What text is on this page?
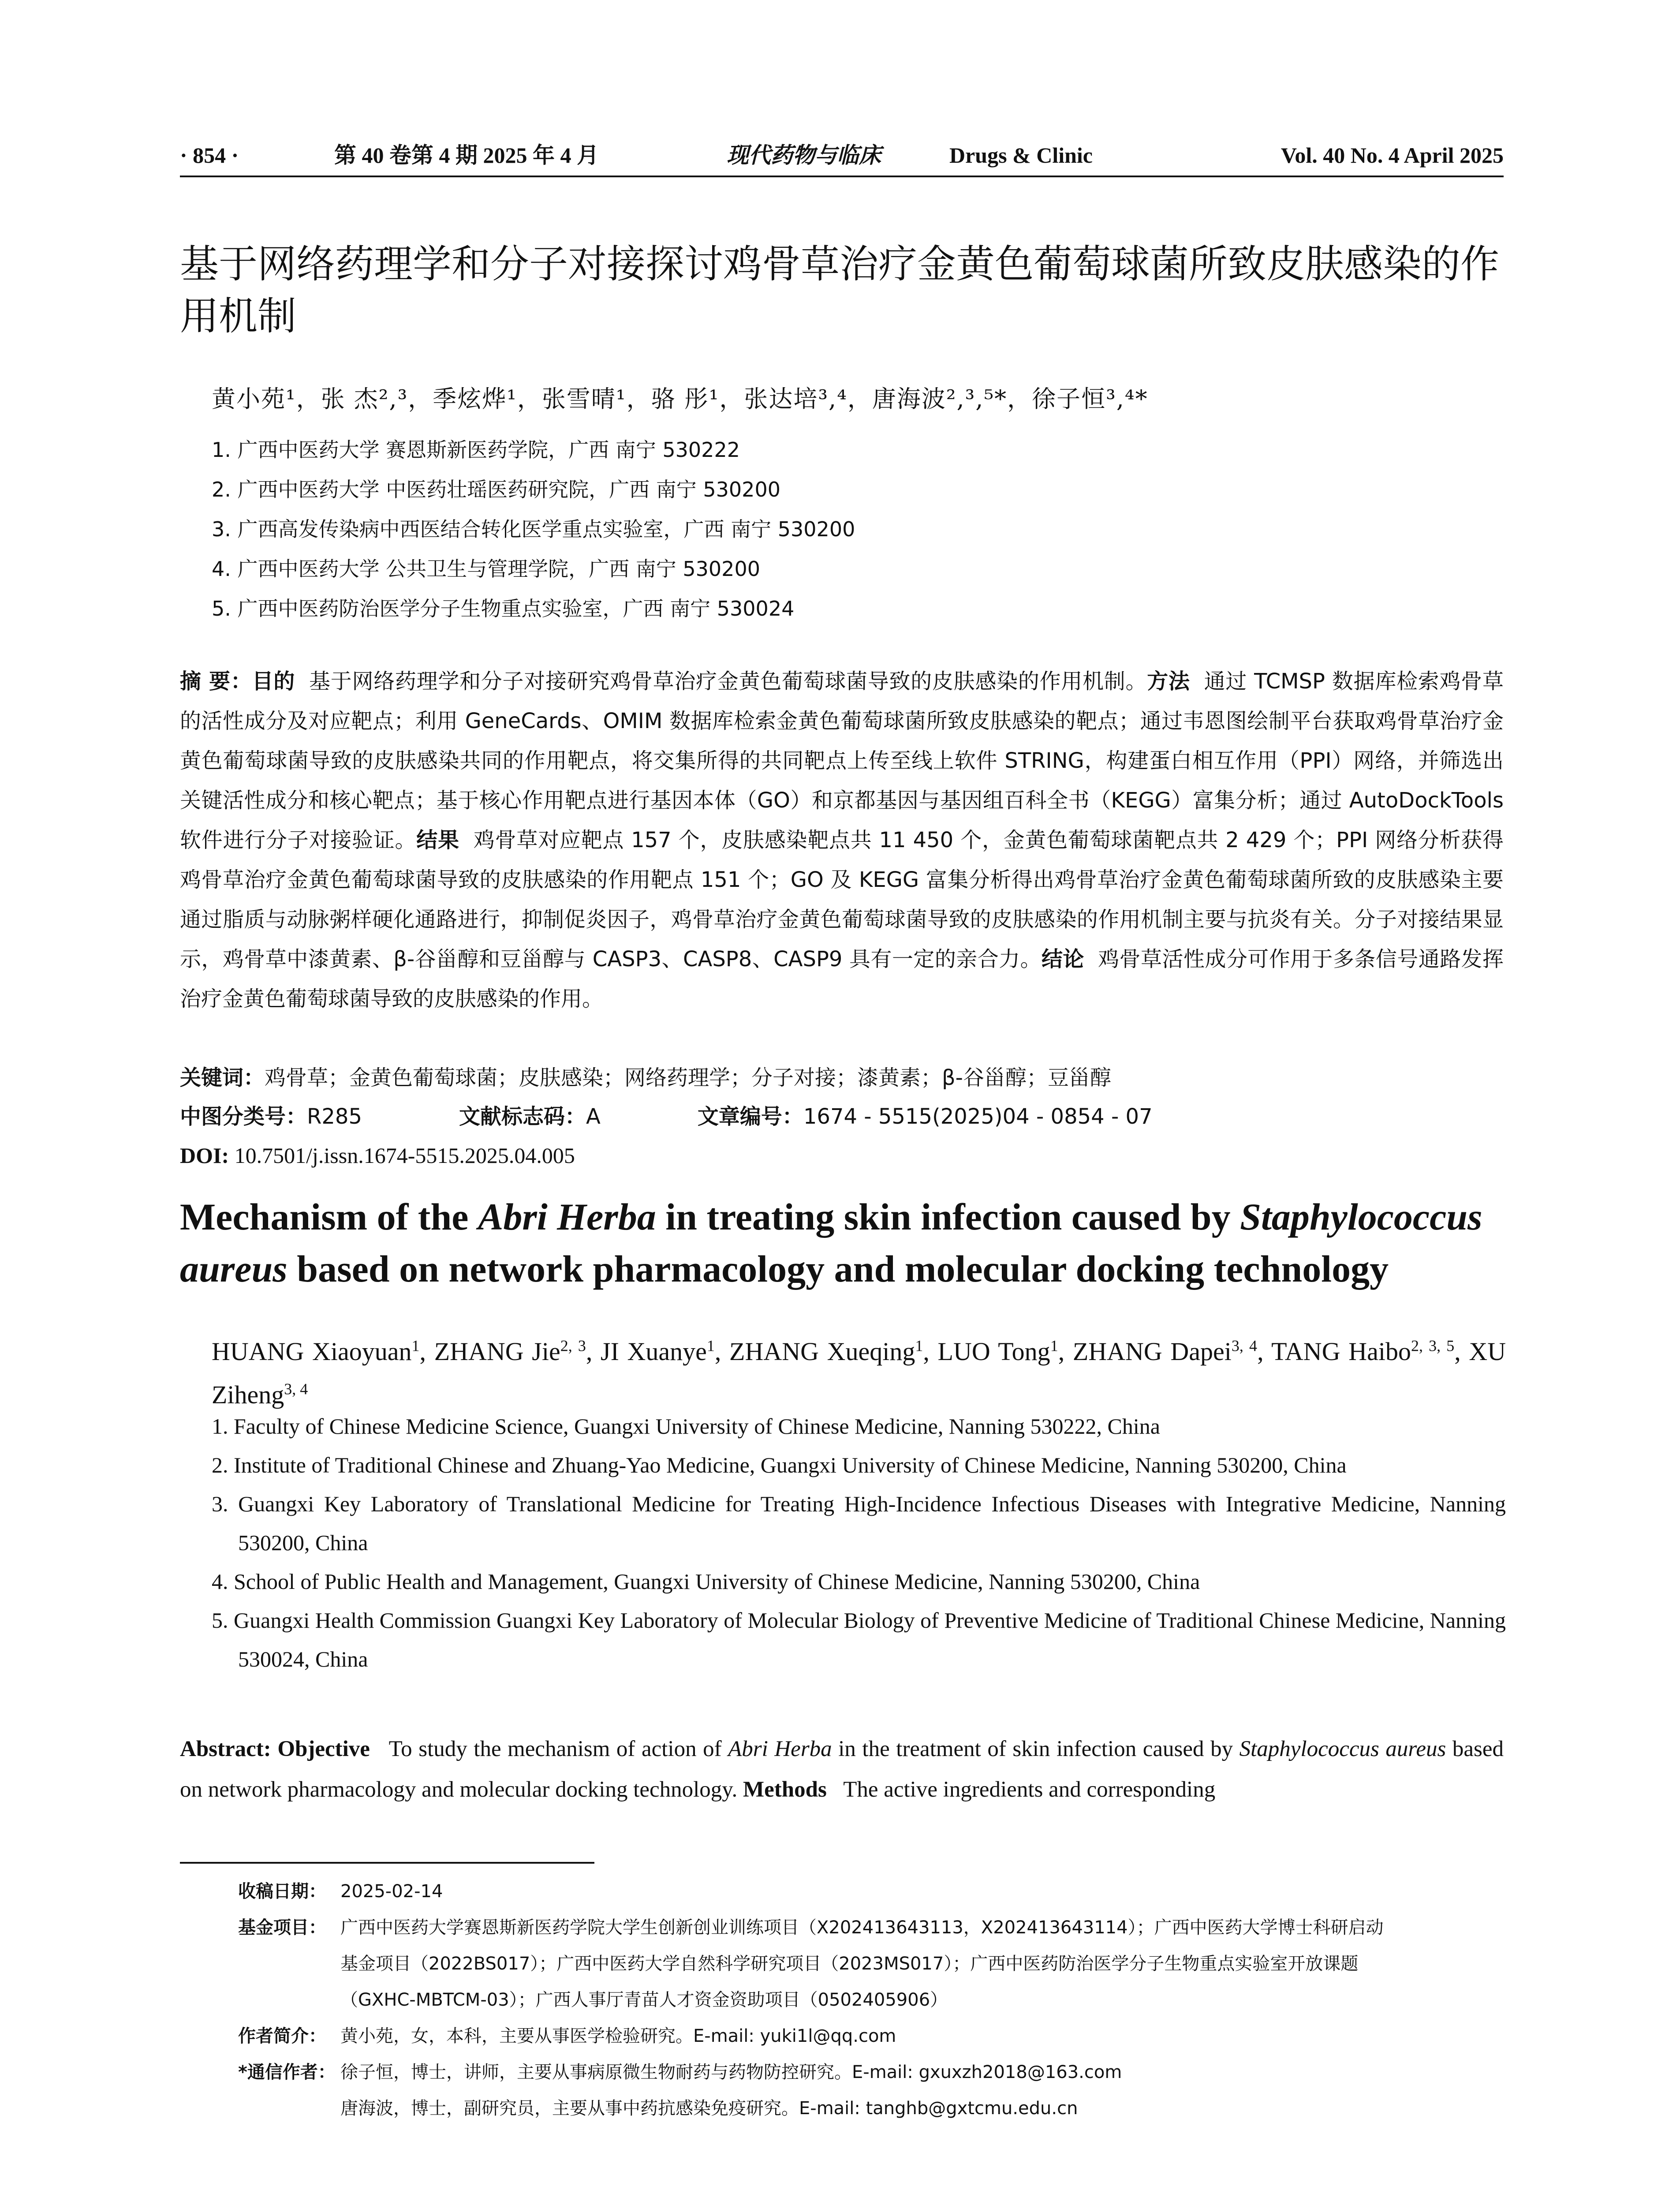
· 854 ·	第 40 卷第 4 期 2025 年 4 月	现代药物与临床	Drugs & Clinic	Vol. 40 No. 4 April 2025
基于网络药理学和分子对接探讨鸡骨草治疗金黄色葡萄球菌所致皮肤感染的作用机制
黄小苑¹，张 杰²,³，季炫烨¹，张雪晴¹，骆 彤¹，张达培³,⁴，唐海波²,³,⁵*，徐子恒³,⁴*
1. 广西中医药大学 赛恩斯新医药学院，广西 南宁 530222
2. 广西中医药大学 中医药壮瑶医药研究院，广西 南宁 530200
3. 广西高发传染病中西医结合转化医学重点实验室，广西 南宁 530200
4. 广西中医药大学 公共卫生与管理学院，广西 南宁 530200
5. 广西中医药防治医学分子生物重点实验室，广西 南宁 530024
摘 要：目的 基于网络药理学和分子对接研究鸡骨草治疗金黄色葡萄球菌导致的皮肤感染的作用机制。方法 通过 TCMSP 数据库检索鸡骨草的活性成分及对应靶点；利用 GeneCards、OMIM 数据库检索金黄色葡萄球菌所致皮肤感染的靶点；通过韦恩图绘制平台获取鸡骨草治疗金黄色葡萄球菌导致的皮肤感染共同的作用靶点，将交集所得的共同靶点上传至线上软件 STRING，构建蛋白相互作用（PPI）网络，并筛选出关键活性成分和核心靶点；基于核心作用靶点进行基因本体（GO）和京都基因与基因组百科全书（KEGG）富集分析；通过 AutoDockTools 软件进行分子对接验证。结果 鸡骨草对应靶点 157 个，皮肤感染靶点共 11 450 个，金黄色葡萄球菌靶点共 2 429 个；PPI 网络分析获得鸡骨草治疗金黄色葡萄球菌导致的皮肤感染的作用靶点 151 个；GO 及 KEGG 富集分析得出鸡骨草治疗金黄色葡萄球菌所致的皮肤感染主要通过脂质与动脉粥样硬化通路进行，抑制促炎因子，鸡骨草治疗金黄色葡萄球菌导致的皮肤感染的作用机制主要与抗炎有关。分子对接结果显示，鸡骨草中漆黄素、β-谷甾醇和豆甾醇与 CASP3、CASP8、CASP9 具有一定的亲合力。结论 鸡骨草活性成分可作用于多条信号通路发挥治疗金黄色葡萄球菌导致的皮肤感染的作用。
关键词：鸡骨草；金黄色葡萄球菌；皮肤感染；网络药理学；分子对接；漆黄素；β-谷甾醇；豆甾醇
中图分类号：R285	文献标志码：A	文章编号：1674 - 5515(2025)04 - 0854 - 07
DOI: 10.7501/j.issn.1674-5515.2025.04.005
Mechanism of the Abri Herba in treating skin infection caused by Staphylococcus aureus based on network pharmacology and molecular docking technology
HUANG Xiaoyuan$^1$, ZHANG Jie$^{2, 3}$, JI Xuanye$^1$, ZHANG Xueqing$^1$, LUO Tong$^1$, ZHANG Dapei$^{3, 4}$, TANG Haibo$^{2, 3, 5}$, XU Ziheng$^{3, 4}$
1. Faculty of Chinese Medicine Science, Guangxi University of Chinese Medicine, Nanning 530222, China
2. Institute of Traditional Chinese and Zhuang-Yao Medicine, Guangxi University of Chinese Medicine, Nanning 530200, China
3. Guangxi Key Laboratory of Translational Medicine for Treating High-Incidence Infectious Diseases with Integrative Medicine, Nanning 530200, China
4. School of Public Health and Management, Guangxi University of Chinese Medicine, Nanning 530200, China
5. Guangxi Health Commission Guangxi Key Laboratory of Molecular Biology of Preventive Medicine of Traditional Chinese Medicine, Nanning 530024, China
Abstract: Objective To study the mechanism of action of Abri Herba in the treatment of skin infection caused by Staphylococcus aureus based on network pharmacology and molecular docking technology. Methods The active ingredients and corresponding
收稿日期： 2025-02-14
基金项目： 广西中医药大学赛恩斯新医药学院大学生创新创业训练项目（X202413643113，X202413643114）；广西中医药大学博士科研启动
基金项目（2022BS017）；广西中医药大学自然科学研究项目（2023MS017）；广西中医药防治医学分子生物重点实验室开放课题
（GXHC-MBTCM-03）；广西人事厅青苗人才资金资助项目（0502405906）
作者简介： 黄小苑，女，本科，主要从事医学检验研究。E-mail: yuki1l@qq.com
*通信作者： 徐子恒，博士，讲师，主要从事病原微生物耐药与药物防控研究。E-mail: gxuxzh2018@163.com
唐海波，博士，副研究员，主要从事中药抗感染免疫研究。E-mail: tanghb@gxtcmu.edu.cn
